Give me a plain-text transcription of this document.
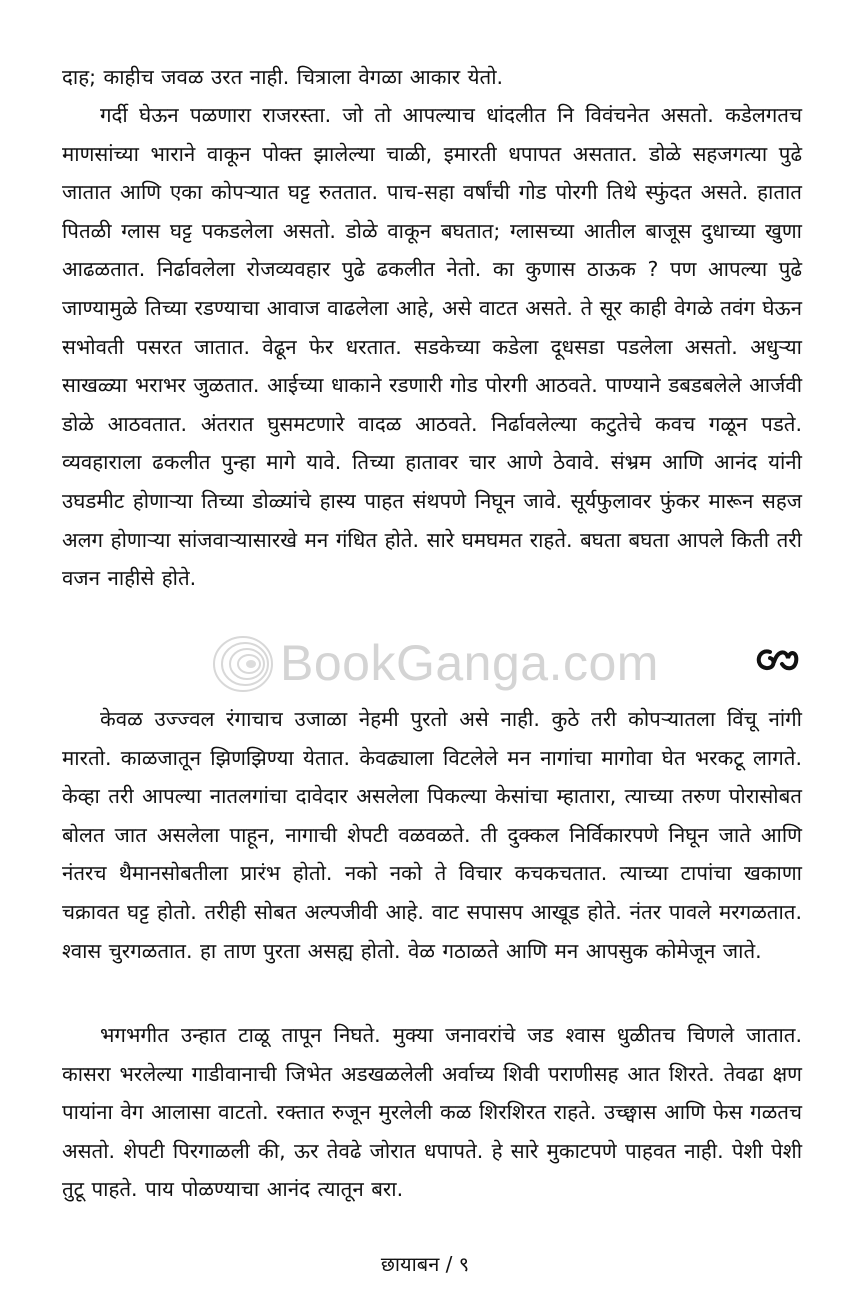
दाह; काहीच जवळ उरत नाही. चित्राला वेगळा आकार येतो.

गर्दी घेऊन पळणारा राजरस्ता. जो तो आपल्याच धांदलीत नि विवंचनेत असतो. कडेलगतच माणसांच्या भाराने वाकून पोक्त झालेल्या चाळी, इमारती धपापत असतात. डोळे सहजगत्या पुढे जातात आणि एका कोपऱ्यात घट्ट रुततात. पाच-सहा वर्षांची गोड पोरगी तिथे स्फुंदत असते. हातात पितळी ग्लास घट्ट पकडलेला असतो. डोळे वाकून बघतात; ग्लासच्या आतील बाजूस दुधाच्या खुणा आढळतात. निर्ढावलेला रोजव्यवहार पुढे ढकलीत नेतो. का कुणास ठाऊक ? पण आपल्या पुढे जाण्यामुळे तिच्या रडण्याचा आवाज वाढलेला आहे, असे वाटत असते. ते सूर काही वेगळे तवंग घेऊन सभोवती पसरत जातात. वेढून फेर धरतात. सडकेच्या कडेला दूधसडा पडलेला असतो. अधुऱ्या साखळ्या भराभर जुळतात. आईच्या धाकाने रडणारी गोड पोरगी आठवते. पाण्याने डबडबलेले आर्जवी डोळे आठवतात. अंतरात घुसमटणारे वादळ आठवते. निर्ढावलेल्या कटुतेचे कवच गळून पडते. व्यवहाराला ढकलीत पुन्हा मागे यावे. तिच्या हातावर चार आणे ठेवावे. संभ्रम आणि आनंद यांनी उघडमीट होणाऱ्या तिच्या डोळ्यांचे हास्य पाहत संथपणे निघून जावे. सूर्यफुलावर फुंकर मारून सहज अलग होणाऱ्या सांजवाऱ्यासारखे मन गंधित होते. सारे घमघमत राहते. बघता बघता आपले किती तरी वजन नाहीसे होते.

BookGanga.com

केवळ उज्ज्वल रंगाचाच उजाळा नेहमी पुरतो असे नाही. कुठे तरी कोपऱ्यातला विंचू नांगी मारतो. काळजातून झिणझिण्या येतात. केवढ्याला विटलेले मन नागांचा मागोवा घेत भरकटू लागते. केव्हा तरी आपल्या नातलगांचा दावेदार असलेला पिकल्या केसांचा म्हातारा, त्याच्या तरुण पोरासोबत बोलत जात असलेला पाहून, नागाची शेपटी वळवळते. ती दुक्कल निर्विकारपणे निघून जाते आणि नंतरच थैमानसोबतीला प्रारंभ होतो. नको नको ते विचार कचकचतात. त्याच्या टापांचा खकाणा चक्रावत घट्ट होतो. तरीही सोबत अल्पजीवी आहे. वाट सपासप आखूड होते. नंतर पावले मरगळतात. श्वास चुरगळतात. हा ताण पुरता असह्य होतो. वेळ गठाळते आणि मन आपसुक कोमेजून जाते.

भगभगीत उन्हात टाळू तापून निघते. मुक्या जनावरांचे जड श्वास धुळीतच चिणले जातात. कासरा भरलेल्या गाडीवानाची जिभेत अडखळलेली अर्वाच्य शिवी पराणीसह आत शिरते. तेवढा क्षण पायांना वेग आलासा वाटतो. रक्तात रुजून मुरलेली कळ शिरशिरत राहते. उच्छ्वास आणि फेस गळतच असतो. शेपटी पिरगाळली की, ऊर तेवढे जोरात धपापते. हे सारे मुकाटपणे पाहवत नाही. पेशी पेशी तुटू पाहते. पाय पोळण्याचा आनंद त्यातून बरा.

छायाबन / ९
